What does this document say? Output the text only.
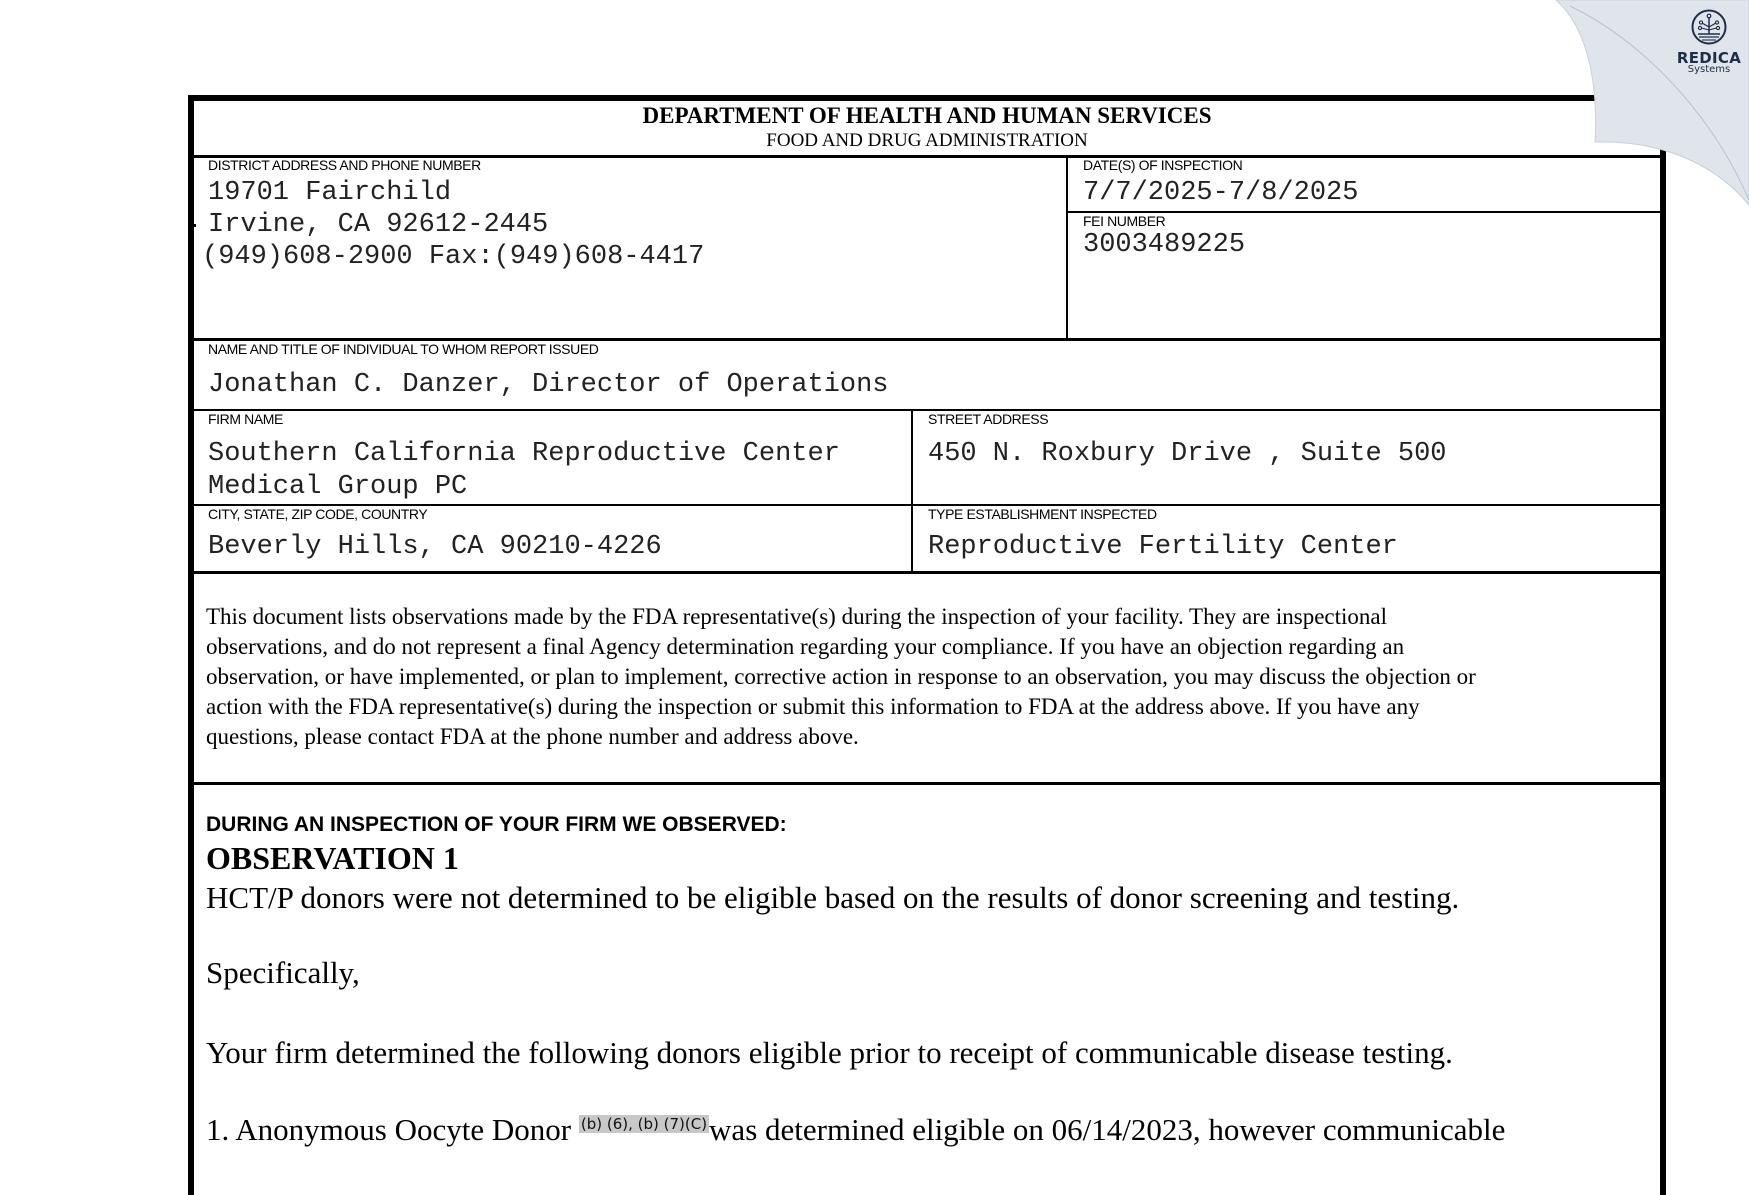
DEPARTMENT OF HEALTH AND HUMAN SERVICES
FOOD AND DRUG ADMINISTRATION
DISTRICT ADDRESS AND PHONE NUMBER
19701 Fairchild
Irvine, CA 92612-2445
(949)608-2900 Fax:(949)608-4417
DATE(S) OF INSPECTION
7/7/2025-7/8/2025
FEI NUMBER
3003489225
NAME AND TITLE OF INDIVIDUAL TO WHOM REPORT ISSUED
Jonathan C. Danzer, Director of Operations
FIRM NAME
Southern California Reproductive Center
Medical Group PC
STREET ADDRESS
450 N. Roxbury Drive , Suite 500
CITY, STATE, ZIP CODE, COUNTRY
Beverly Hills, CA 90210-4226
TYPE ESTABLISHMENT INSPECTED
Reproductive Fertility Center
This document lists observations made by the FDA representative(s) during the inspection of your facility. They are inspectional
observations, and do not represent a final Agency determination regarding your compliance. If you have an objection regarding an
observation, or have implemented, or plan to implement, corrective action in response to an observation, you may discuss the objection or
action with the FDA representative(s) during the inspection or submit this information to FDA at the address above. If you have any
questions, please contact FDA at the phone number and address above.
DURING AN INSPECTION OF YOUR FIRM WE OBSERVED:
OBSERVATION 1
HCT/P donors were not determined to be eligible based on the results of donor screening and testing.
Specifically,
Your firm determined the following donors eligible prior to receipt of communicable disease testing.
1. Anonymous Oocyte Donor (b) (6), (b) (7)(C)was determined eligible on 06/14/2023, however communicable
REDICA
Systems
